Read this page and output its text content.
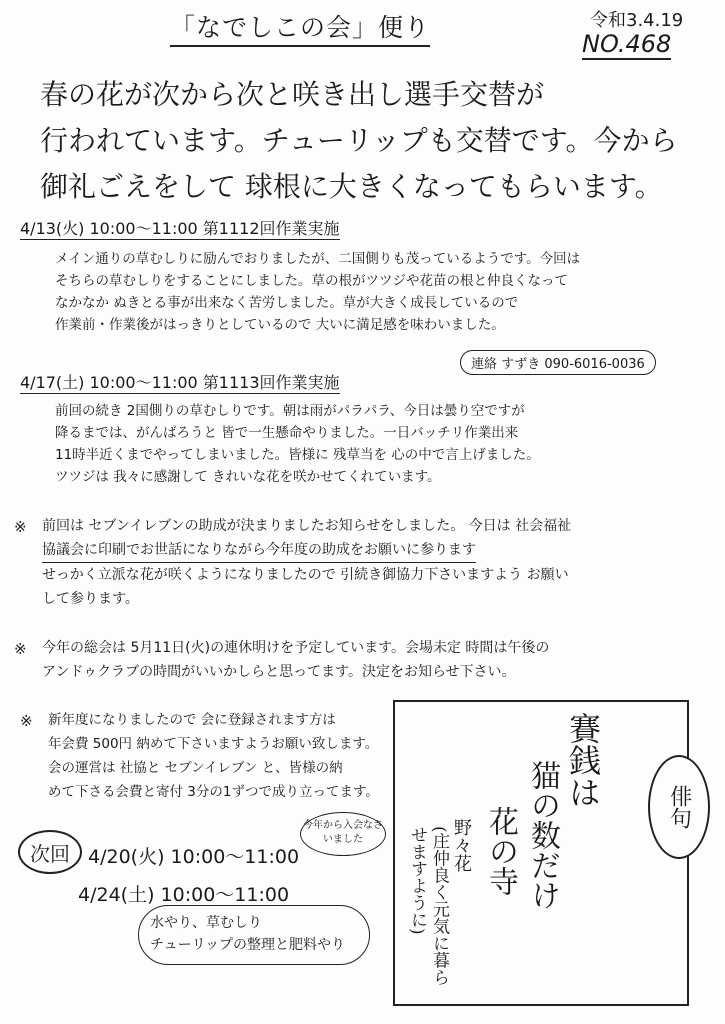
「なでしこの会」便り	令和3.4.19
NO.468
春の花が次から次と咲き出し選手交替が
行われています。チューリップも交替です。今から
御礼ごえをして 球根に大きくなってもらいます。
4/13(火) 10:00～11:00 第1112回作業実施
メイン通りの草むしりに励んでおりましたが、二国側りも茂っているようです。今回は
そちらの草むしりをすることにしました。草の根がツツジや花苗の根と仲良くなって
なかなか ぬきとる事が出来なく苦労しました。草が大きく成長しているので
作業前・作業後がはっきりとしているので 大いに満足感を味わいました。
4/17(土) 10:00～11:00 第1113回作業実施
連絡 すずき 090-6016-0036
前回の続き 2国側りの草むしりです。朝は雨がパラパラ、今日は曇り空ですが
降るまでは、がんばろうと 皆で一生懸命やりました。一日バッチリ作業出来
11時半近くまでやってしまいました。皆様に 残草当を 心の中で言上げました。
ツツジは 我々に感謝して きれいな花を咲かせてくれています。
※ 前回は セブンイレブンの助成が決まりましたお知らせをしました。 今日は 社会福祉
協議会に印刷でお世話になりながら今年度の助成をお願いに参ります
せっかく立派な花が咲くようになりましたので 引続き御協力下さいますよう お願い
して参ります。
※ 今年の総会は 5月11日(火)の連休明けを予定しています。会場未定 時間は午後の
アンドゥクラブの時間がいいかしらと思ってます。決定をお知らせ下さい。
※ 新年度になりましたので 会に登録されます方は
年会費 500円 納めて下さいますようお願い致します。
会の運営は 社協と セブンイレブン と、皆様の納
めて下さる会費と寄付 3分の1ずつで成り立ってます。
次回 4/20(火) 10:00～11:00
4/24(土) 10:00～11:00
今年から入会なさいました
水やり、草むしり
チューリップの整理と肥料やり
賽銭は
猫の数だけ
花の寺
野々花
(庄仲良く元気に暮らせますように)
俳句
